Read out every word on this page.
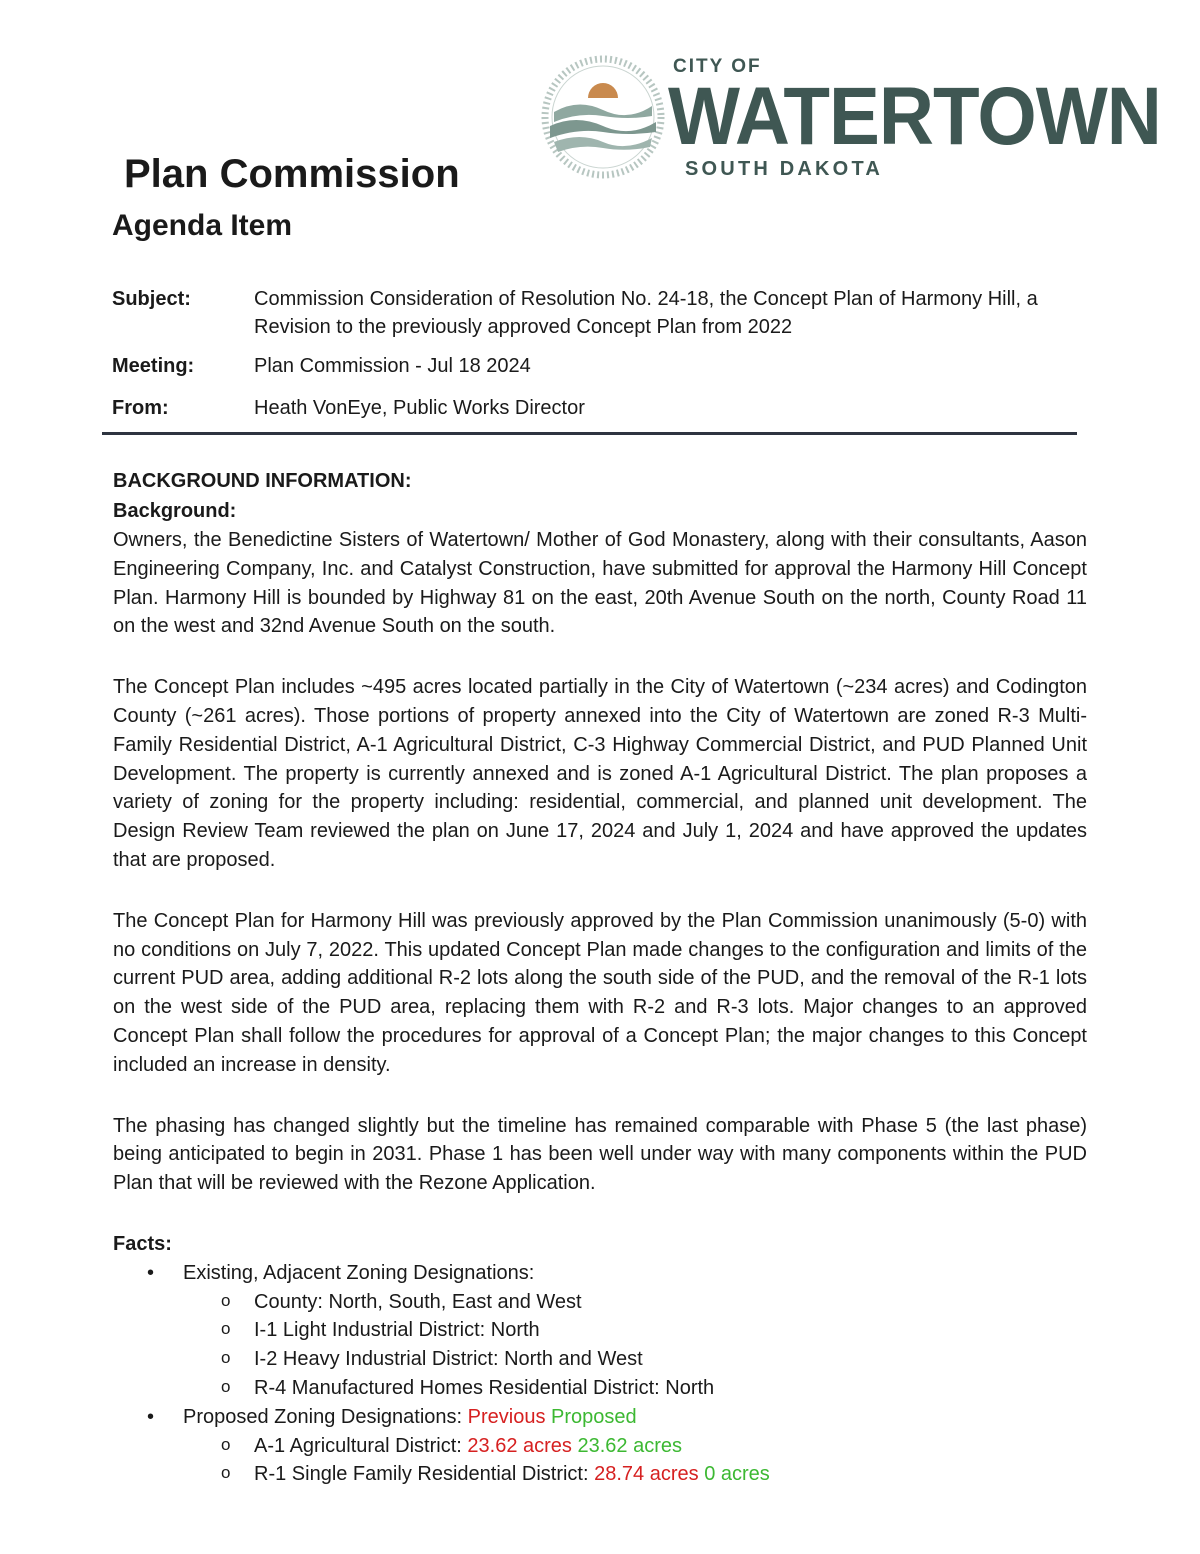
CITY OF
WATERTOWN
SOUTH DAKOTA
Plan Commission
Agenda Item
Subject:	Commission Consideration of Resolution No. 24-18, the Concept Plan of Harmony Hill, a Revision to the previously approved Concept Plan from 2022
Meeting:	Plan Commission - Jul 18 2024
From:	Heath VonEye, Public Works Director
BACKGROUND INFORMATION:
Background:

Owners, the Benedictine Sisters of Watertown/ Mother of God Monastery, along with their consultants, Aason Engineering Company, Inc. and Catalyst Construction, have submitted for approval the Harmony Hill Concept Plan. Harmony Hill is bounded by Highway 81 on the east, 20th Avenue South on the north, County Road 11 on the west and 32nd Avenue South on the south.

The Concept Plan includes ~495 acres located partially in the City of Watertown (~234 acres) and Codington County (~261 acres). Those portions of property annexed into the City of Watertown are zoned R-3 Multi-Family Residential District, A-1 Agricultural District, C-3 Highway Commercial District, and PUD Planned Unit Development. The property is currently annexed and is zoned A-1 Agricultural District. The plan proposes a variety of zoning for the property including: residential, commercial, and planned unit development. The Design Review Team reviewed the plan on June 17, 2024 and July 1, 2024 and have approved the updates that are proposed.

The Concept Plan for Harmony Hill was previously approved by the Plan Commission unanimously (5-0) with no conditions on July 7, 2022. This updated Concept Plan made changes to the configuration and limits of the current PUD area, adding additional R-2 lots along the south side of the PUD, and the removal of the R-1 lots on the west side of the PUD area, replacing them with R-2 and R-3 lots. Major changes to an approved Concept Plan shall follow the procedures for approval of a Concept Plan; the major changes to this Concept included an increase in density.

The phasing has changed slightly but the timeline has remained comparable with Phase 5 (the last phase) being anticipated to begin in 2031. Phase 1 has been well under way with many components within the PUD Plan that will be reviewed with the Rezone Application.

Facts:
• Existing, Adjacent Zoning Designations:
o County: North, South, East and West
o I-1 Light Industrial District: North
o I-2 Heavy Industrial District: North and West
o R-4 Manufactured Homes Residential District: North
• Proposed Zoning Designations: Previous Proposed
o A-1 Agricultural District: 23.62 acres 23.62 acres
o R-1 Single Family Residential District: 28.74 acres 0 acres
